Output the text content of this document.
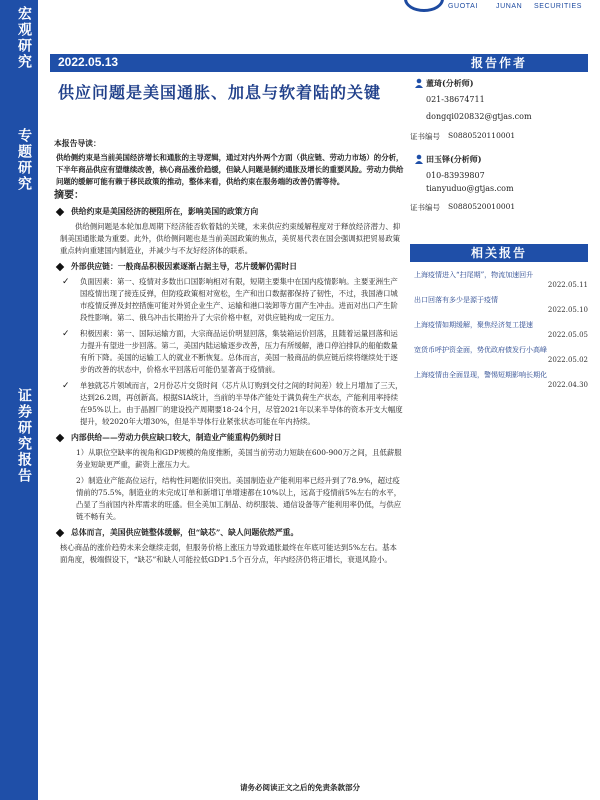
GUOTAI	JUNAN SECURITIES
宏观研究
专题研究
证券研究报告
2022.05.13
供应问题是美国通胀、加息与软着陆的关键
报告作者
董琦(分析师)
021-38674711
dongqi020832@gtjas.com
证书编号 S0880520110001
田玉铎(分析师)
010-83939807
tianyuduo@gtjas.com
证书编号 S0880520010001
相关报告
上海疫情进入“扫尾期”，物流加速回升
2022.05.11
出口回落有多少是源于疫情
2022.05.10
上海疫情如期缓解，聚焦经济复工提速
2022.05.05
宽货币呼护资金面，势优政府债发行小高峰
2022.05.02
上海疫情由全面显现，警惕短期影响长期化
2022.04.30
本报告导读：
供给侧约束是当前美国经济增长和通胀的主导逻辑，通过对内外两个方面（供应链、劳动力市场）的分析，下半年商品供应有望继续改善，核心商品涨价趋缓，但缺人问题是制约通胀及增长的重要风险。劳动力供给问题的缓解可能有赖于移民政策的推动，整体来看，供给约束在服务端的改善仍需等待。
摘要：
供给约束是美国经济的梗阻所在，影响美国的政策方向
供给侧问题是本轮加息周期下经济能否软着陆的关键，未来供应约束缓解程度对于释放经济潜力、抑制美国通胀最为重要。此外，供给侧问题也是当前美国政策的焦点，美贸易代表在国会强调拟把贸易政策重点转向重建国内制造业，并减少与不友好经济体的联系。
外部供应链：一般商品积极因素逐渐占据主导，芯片缓解仍需时日
✓	负面因素：第一、疫情对多数出口国影响相对有限，短期主要集中在国内疫情影响。主要亚洲生产国疫情出现了接连反弹，但防疫政策相对宽松，生产和出口数据都保持了韧性，不过，我国港口城市疫情反弹及封控措施可能对外贸企业生产、运输和港口装卸等方面产生冲击。进而对出口产生阶段性影响。第二、俄乌冲击长期抬升了大宗价格中枢，对供应链构成一定压力。
✓	积极因素：第一、国际运输方面，大宗商品运价明显回落，集装箱运价回落，且随着运量回落和运力提升有望进一步回落。第二，美国内陆运输逐步改善，压力有所缓解，港口停泊排队的船舶数量有所下降。美国的运输工人的就业不断恢复。总体而言，美国一般商品的供应链后续将继续处于逐步的改善的状态中，价格水平回落后可能仍显著高于疫情前。
✓	单独就芯片领域而言，2月份芯片交货时间（芯片从订购到交付之间的时间差）较上月增加了三天，达到26.2周，再创新高。根据SIA统计，当前的半导体产能处于满负荷生产状态，产能利用率持续在95%以上。由于晶圆厂的建设投产周期要18-24个月，尽管2021年以来半导体的资本开支大幅度提升，较2020年大增30%，但是半导体行业紧张状态可能在年内持续。
内部供给——劳动力供应缺口较大，制造业产能重构仍须时日
1）从职位空缺率的视角和GDP规模的角度推断，美国当前劳动力短缺在600-900万之间，且低薪服务业短缺更严重，薪资上涨压力大。
2）制造业产能高位运行，结构性问题依旧突出。美国制造业产能利用率已经升到了78.9%，超过疫情前的75.5%，制造业的未完成订单和新增订单增速都在10%以上，远高于疫情前5%左右的水平，凸显了当前国内补库需求的旺盛。但全美加工制品、纺织服装、通信设备等产能利用率仍低，与供应链不畅有关。
总体而言，美国供应链整体缓解，但“缺芯”、缺人问题依然严重。
核心商品的涨价趋势未来会继续走弱，但服务价格上涨压力导致通胀最终在年底可能达到5%左右。基本面角度，极端假设下，“缺芯”和缺人可能拉低GDP1.5个百分点，年内经济仍将正增长，衰退风险小。
请务必阅读正文之后的免责条款部分
